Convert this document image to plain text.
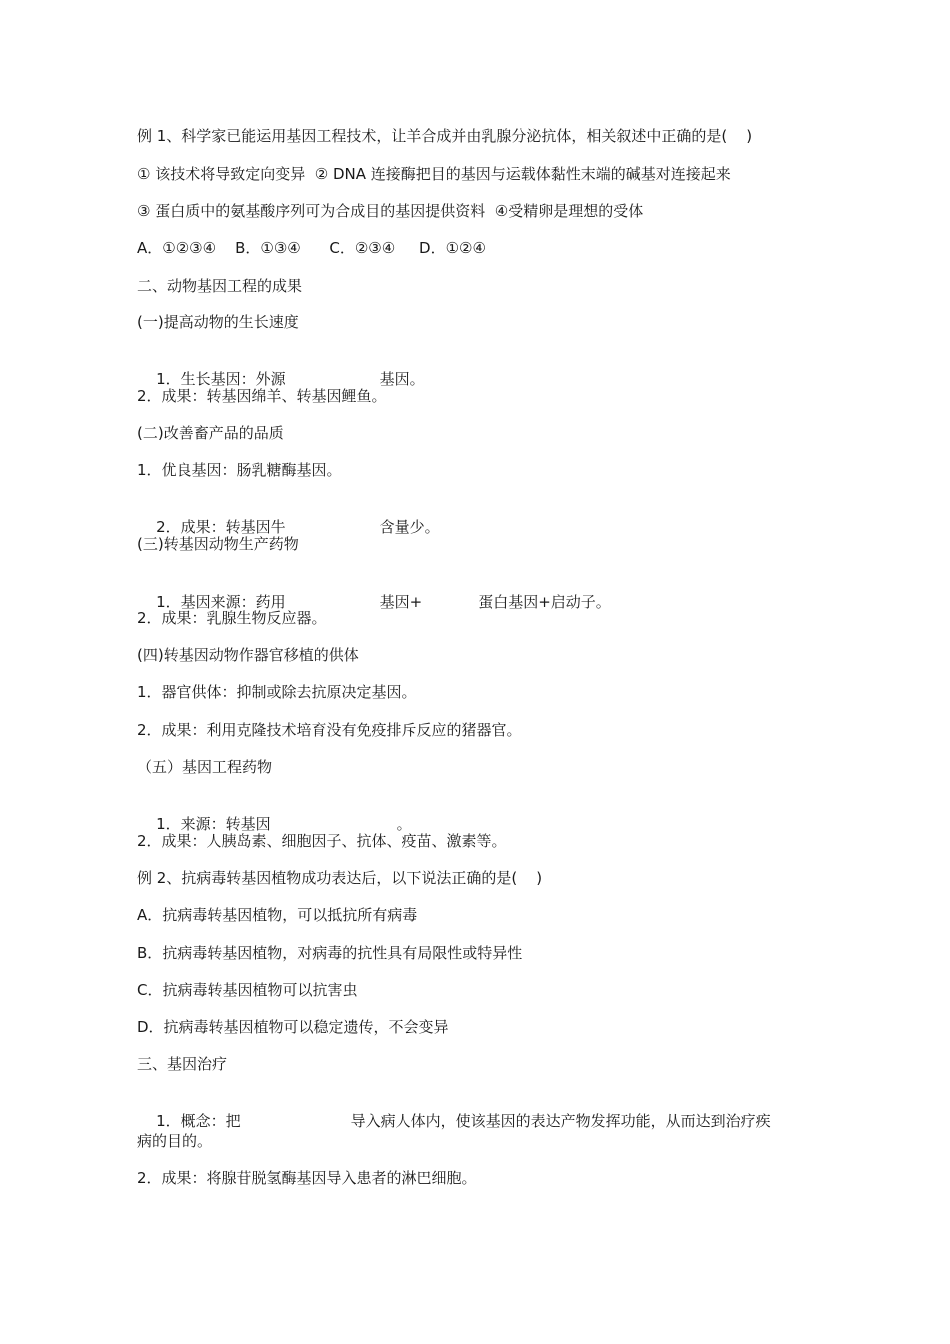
例 1、科学家已能运用基因工程技术，让羊合成并由乳腺分泌抗体，相关叙述中正确的是(    )
① 该技术将导致定向变异  ② DNA 连接酶把目的基因与运载体黏性末端的碱基对连接起来
③ 蛋白质中的氨基酸序列可为合成目的基因提供资料  ④受精卵是理想的受体
A．①②③④    B．①③④      C．②③④     D．①②④
二、动物基因工程的成果
(一)提高动物的生长速度

1．生长基因：外源	基因。

2．成果：转基因绵羊、转基因鲤鱼。
(二)改善畜产品的品质
1．优良基因：肠乳糖酶基因。

2．成果：转基因牛	含量少。

(三)转基因动物生产药物

1．基因来源：药用	基因+	蛋白基因+启动子。

2．成果：乳腺生物反应器。
(四)转基因动物作器官移植的供体
1．器官供体：抑制或除去抗原决定基因。
2．成果：利用克隆技术培育没有免疫排斥反应的猪器官。
（五）基因工程药物

1．来源：转基因	。

2．成果：人胰岛素、细胞因子、抗体、疫苗、激素等。
例 2、抗病毒转基因植物成功表达后，以下说法正确的是(    )
A．抗病毒转基因植物，可以抵抗所有病毒
B．抗病毒转基因植物，对病毒的抗性具有局限性或特异性
C．抗病毒转基因植物可以抗害虫
D．抗病毒转基因植物可以稳定遗传，不会变异
三、基因治疗

1．概念：把	导入病人体内，使该基因的表达产物发挥功能，从而达到治疗疾

病的目的。
2．成果：将腺苷脱氢酶基因导入患者的淋巴细胞。
